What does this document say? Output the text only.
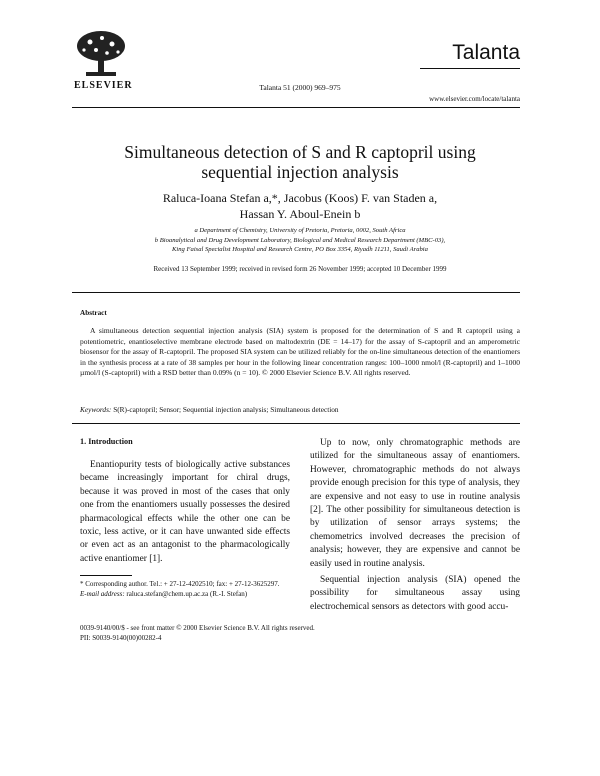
ELSEVIER	Talanta 51 (2000) 969–975
Talanta
www.elsevier.com/locate/talanta
Simultaneous detection of S and R captopril using
sequential injection analysis
Raluca-Ioana Stefan a,*, Jacobus (Koos) F. van Staden a,
Hassan Y. Aboul-Enein b
a Department of Chemistry, University of Pretoria, Pretoria, 0002, South Africa
b Bioanalytical and Drug Development Laboratory, Biological and Medical Research Department (MBC-03),
King Faisal Specialist Hospital and Research Centre, PO Box 3354, Riyadh 11211, Saudi Arabia
Received 13 September 1999; received in revised form 26 November 1999; accepted 10 December 1999
Abstract
A simultaneous detection sequential injection analysis (SIA) system is proposed for the determination of S and R captopril using a potentiometric, enantioselective membrane electrode based on maltodextrin (DE = 14–17) for the assay of S-captopril and an amperometric biosensor for the assay of R-captopril. The proposed SIA system can be utilized reliably for the on-line simultaneous detection of the enantiomers in the synthesis process at a rate of 38 samples per hour in the following linear concentration ranges: 100–1000 nmol/l (R-captopril) and 1–1000 µmol/l (S-captopril) with a RSD better than 0.09% (n = 10). © 2000 Elsevier Science B.V. All rights reserved.
Keywords: S(R)-captopril; Sensor; Sequential injection analysis; Simultaneous detection
1. Introduction

Enantiopurity tests of biologically active substances became increasingly important for chiral drugs, because it was proved in most of the cases that only one from the enantiomers usually possesses the desired pharmacological effects while the other one can be toxic, less active, or it can have unwanted side effects or even act as an antagonist to the pharmacologically active enantiomer [1].

Up to now, only chromatographic methods are utilized for the simultaneous assay of enantiomers. However, chromatographic methods do not always provide enough precision for this type of analysis, they are expensive and not easy to use in routine analysis [2]. The other possibility for simultaneous detection is by utilization of sensor arrays systems; the chemometrics involved decreases the precision of analysis; however, they are expensive and cannot be easily used in routine analysis.

Sequential injection analysis (SIA) opened the possibility for simultaneous assay using electrochemical sensors as detectors with good accu-

* Corresponding author. Tel.: + 27-12-4202510; fax: + 27-12-3625297.
E-mail address: raluca.stefan@chem.up.ac.za (R.-I. Stefan)
0039-9140/00/$ - see front matter © 2000 Elsevier Science B.V. All rights reserved.
PII: S0039-9140(00)00282-4
